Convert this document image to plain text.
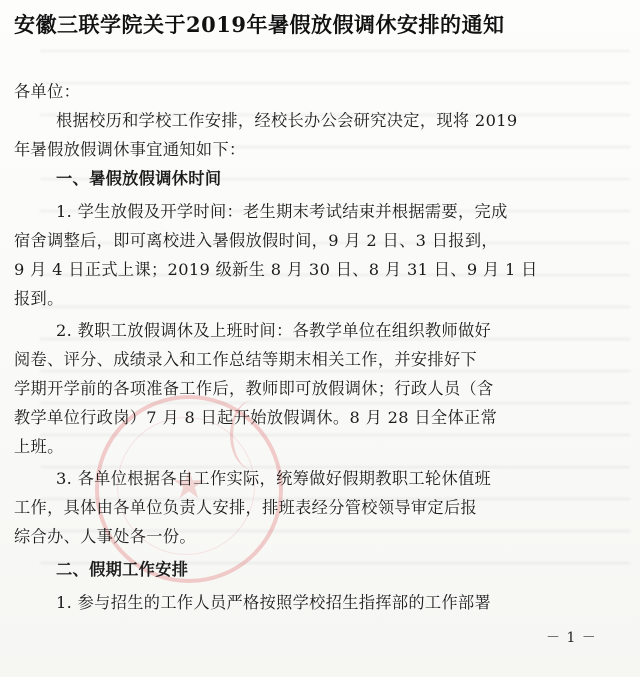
安徽三联学院关于2019年暑假放假调休安排的通知
各单位：
根据校历和学校工作安排，经校长办公会研究决定，现将 2019
年暑假放假调休事宜通知如下：
一、暑假放假调休时间
1. 学生放假及开学时间：老生期末考试结束并根据需要，完成
宿舍调整后，即可离校进入暑假放假时间，9 月 2 日、3 日报到，
9 月 4 日正式上课；2019 级新生 8 月 30 日、8 月 31 日、9 月 1 日
报到。
2. 教职工放假调休及上班时间：各教学单位在组织教师做好
阅卷、评分、成绩录入和工作总结等期末相关工作，并安排好下
学期开学前的各项准备工作后，教师即可放假调休；行政人员（含
教学单位行政岗）7 月 8 日起开始放假调休。8 月 28 日全体正常
上班。
3. 各单位根据各自工作实际，统筹做好假期教职工轮休值班
工作，具体由各单位负责人安排，排班表经分管校领导审定后报
综合办、人事处各一份。
二、假期工作安排
1. 参与招生的工作人员严格按照学校招生指挥部的工作部署
－ 1 －
